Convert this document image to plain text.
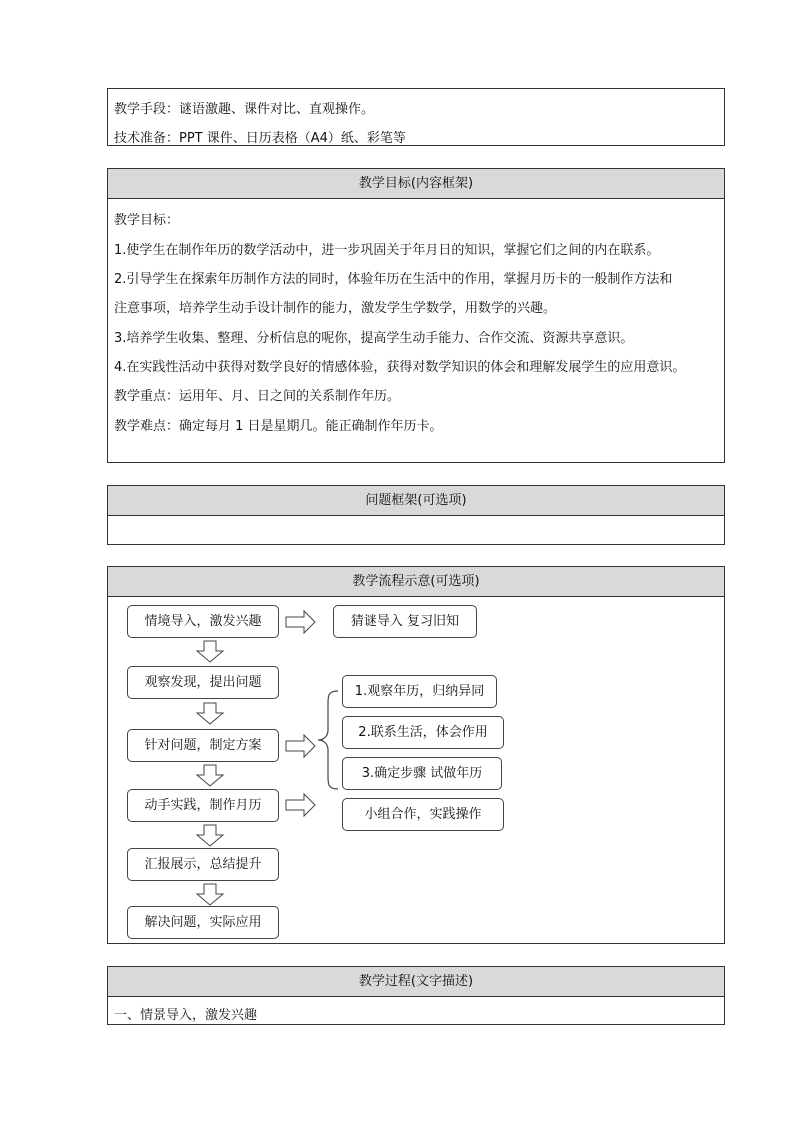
教学手段：谜语激趣、课件对比、直观操作。
技术准备：PPT 课件、日历表格（A4）纸、彩笔等
教学目标(内容框架)
教学目标：
1.使学生在制作年历的数学活动中，进一步巩固关于年月日的知识，掌握它们之间的内在联系。
2.引导学生在探索年历制作方法的同时，体验年历在生活中的作用，掌握月历卡的一般制作方法和
注意事项，培养学生动手设计制作的能力，激发学生学数学，用数学的兴趣。
3.培养学生收集、整理、分析信息的呢你，提高学生动手能力、合作交流、资源共享意识。
4.在实践性活动中获得对数学良好的情感体验，获得对数学知识的体会和理解发展学生的应用意识。
教学重点：运用年、月、日之间的关系制作年历。
教学难点：确定每月 1 日是星期几。能正确制作年历卡。
问题框架(可选项)
教学流程示意(可选项)
情境导入，激发兴趣
观察发现，提出问题
针对问题，制定方案
动手实践，制作月历
汇报展示，总结提升
解决问题，实际应用
猜谜导入 复习旧知
1.观察年历，归纳异同
2.联系生活，体会作用
3.确定步骤 试做年历
小组合作，实践操作
教学过程(文字描述)
一、情景导入，激发兴趣
